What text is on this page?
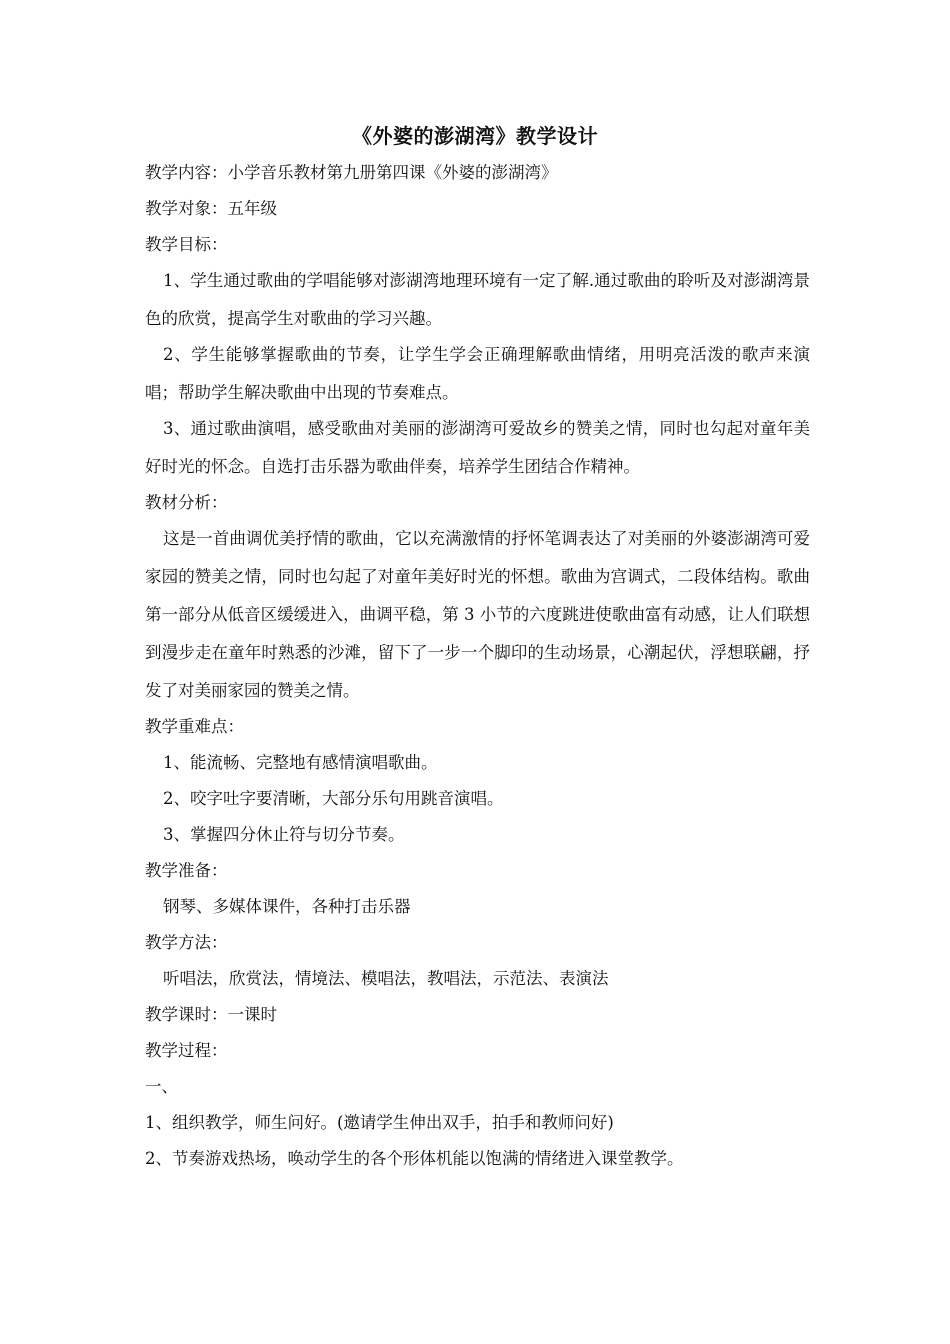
《外婆的澎湖湾》教学设计
教学内容：小学音乐教材第九册第四课《外婆的澎湖湾》
教学对象：五年级
教学目标：
1、学生通过歌曲的学唱能够对澎湖湾地理环境有一定了解.通过歌曲的聆听及对澎湖湾景色的欣赏，提高学生对歌曲的学习兴趣。
2、学生能够掌握歌曲的节奏，让学生学会正确理解歌曲情绪，用明亮活泼的歌声来演唱；帮助学生解决歌曲中出现的节奏难点。
3、通过歌曲演唱，感受歌曲对美丽的澎湖湾可爱故乡的赞美之情，同时也勾起对童年美好时光的怀念。自选打击乐器为歌曲伴奏，培养学生团结合作精神。
教材分析：
这是一首曲调优美抒情的歌曲，它以充满激情的抒怀笔调表达了对美丽的外婆澎湖湾可爱家园的赞美之情，同时也勾起了对童年美好时光的怀想。歌曲为宫调式，二段体结构。歌曲第一部分从低音区缓缓进入，曲调平稳，第 3 小节的六度跳进使歌曲富有动感，让人们联想到漫步走在童年时熟悉的沙滩，留下了一步一个脚印的生动场景，心潮起伏，浮想联翩，抒发了对美丽家园的赞美之情。
教学重难点：
1、能流畅、完整地有感情演唱歌曲。
2、咬字吐字要清晰，大部分乐句用跳音演唱。
3、掌握四分休止符与切分节奏。
教学准备：
钢琴、多媒体课件，各种打击乐器
教学方法：
听唱法，欣赏法，情境法、模唱法，教唱法，示范法、表演法
教学课时：一课时
教学过程：
一、
1、组织教学，师生问好。(邀请学生伸出双手，拍手和教师问好)
2、节奏游戏热场，唤动学生的各个形体机能以饱满的情绪进入课堂教学。
